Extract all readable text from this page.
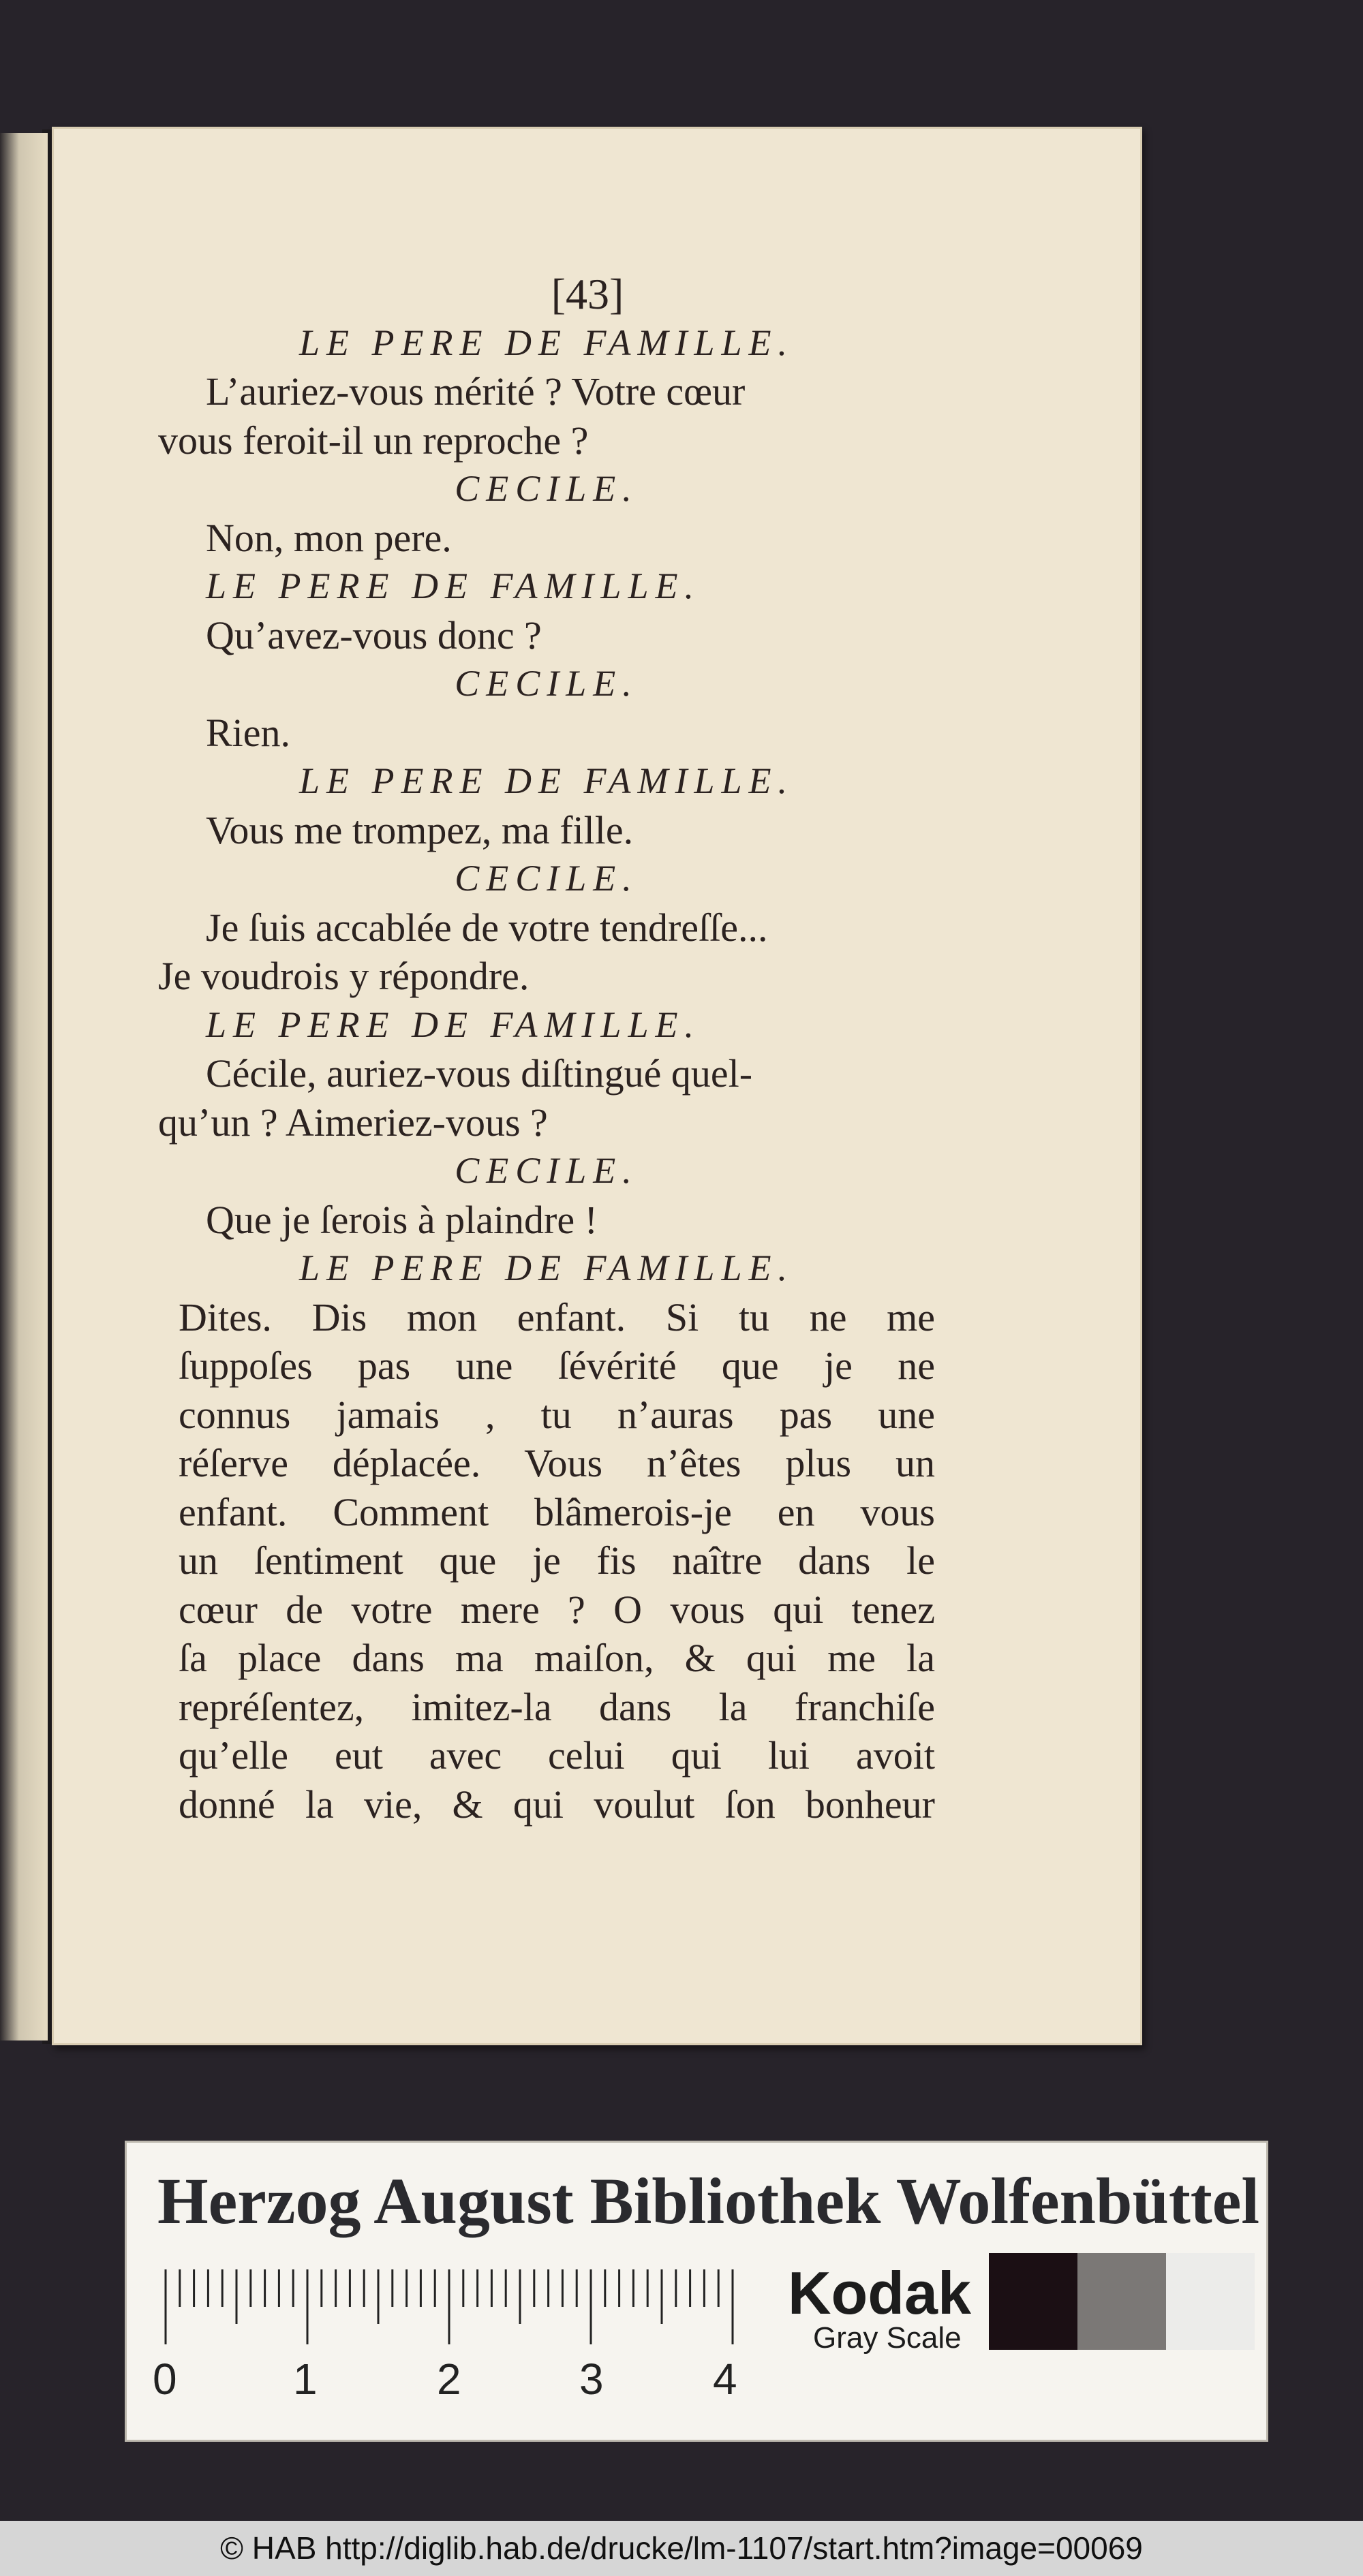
[43]
LE PERE DE FAMILLE.
L’auriez-vous mérité ? Votre cœur
vous feroit-il un reproche ?
CECILE.
Non, mon pere.
LE PERE DE FAMILLE.
Qu’avez-vous donc ?
CECILE.
Rien.
LE PERE DE FAMILLE.
Vous me trompez, ma fille.
CECILE.
Je ſuis accablée de votre tendreſſe...
Je voudrois y répondre.
LE PERE DE FAMILLE.
Cécile, auriez-vous diſtingué quel-
qu’un ? Aimeriez-vous ?
CECILE.
Que je ſerois à plaindre !
LE PERE DE FAMILLE.
Dites. Dis mon enfant. Si tu ne me
ſuppoſes pas une ſévérité que je ne
connus jamais , tu n’auras pas une
réſerve déplacée. Vous n’êtes plus un
enfant. Comment blâmerois-je en vous
un ſentiment que je fis naître dans le
cœur de votre mere ? O vous qui tenez
ſa place dans ma maiſon, & qui me la
repréſentez, imitez-la dans la franchiſe
qu’elle eut avec celui qui lui avoit
donné la vie, & qui voulut ſon bonheur
Herzog August Bibliothek Wolfenbüttel
0	1	2	3	4
Kodak
Gray Scale
© HAB http://diglib.hab.de/drucke/lm-1107/start.htm?image=00069
